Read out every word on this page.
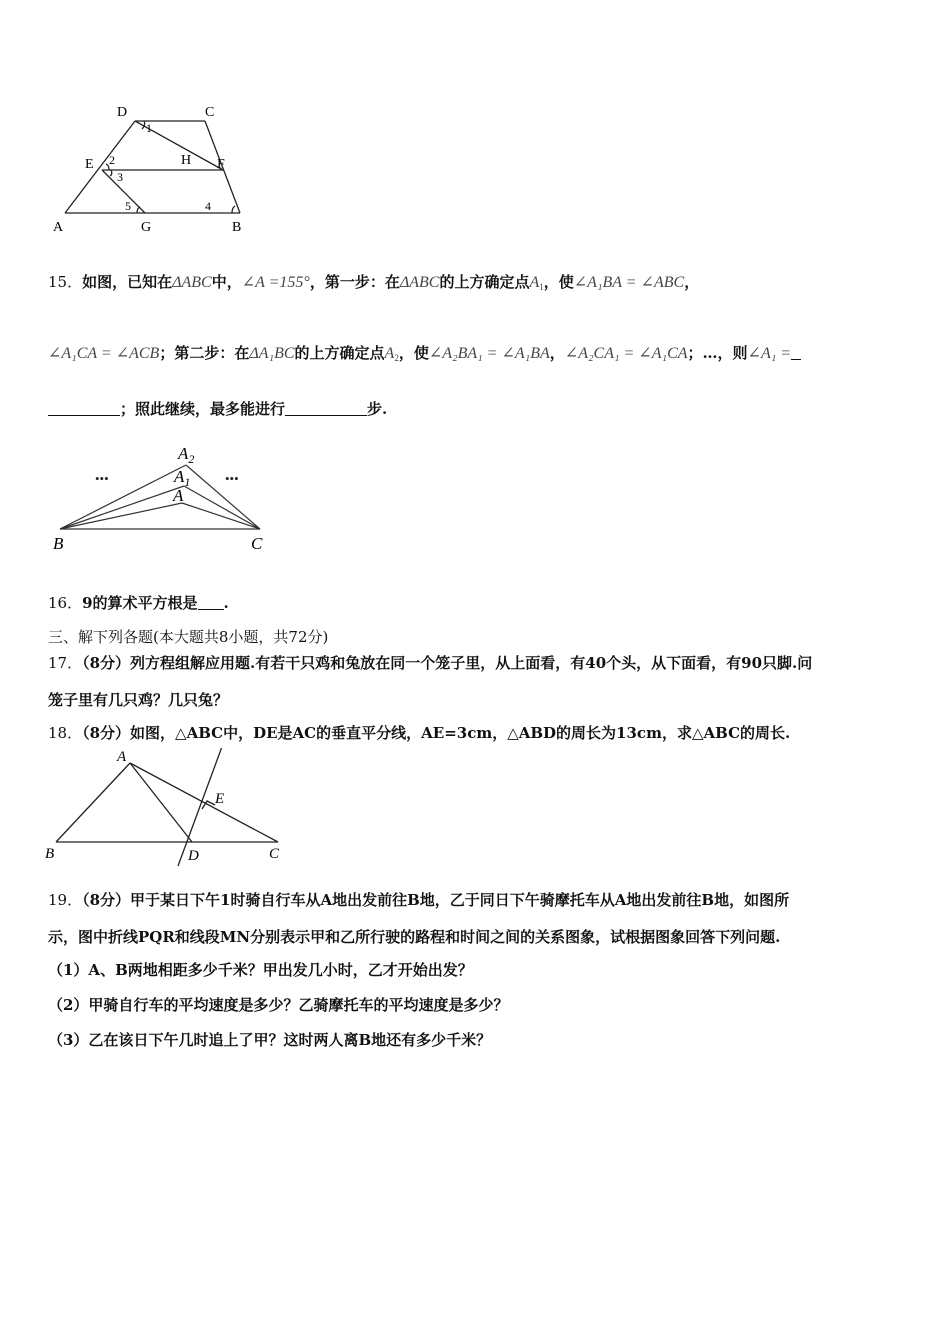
D	C
E	H F
A	G	B
1
2
3
4
5
15．如图，已知在ΔABC中，∠A =155°，第一步：在ΔABC的上方确定点$A_1$，使∠A₁BA = ∠ABC，
∠A₁CA = ∠ACB；第二步：在ΔA₁BC的上方确定点$A_2$，使∠A₂BA₁ = ∠A₁BA，∠A₂CA₁ = ∠A₁CA；…，则∠A₁ =
；照此继续，最多能进行	步.
•••	•••
$A_2$
$A_1$
A
B	C
16．9的算术平方根是 .
三、解下列各题(本大题共8小题，共72分)
17．（8分）列方程组解应用题.有若干只鸡和兔放在同一个笼子里，从上面看，有40个头，从下面看，有90只脚.问
笼子里有几只鸡？几只兔？
18．（8分）如图，△ABC中，DE是AC的垂直平分线，AE=3cm，△ABD的周长为13cm，求△ABC的周长.
A
B	D	C
E
19．（8分）甲于某日下午1时骑自行车从A地出发前往B地，乙于同日下午骑摩托车从A地出发前往B地，如图所
示，图中折线PQR和线段MN分别表示甲和乙所行驶的路程和时间之间的关系图象，试根据图象回答下列问题.
（1）A、B两地相距多少千米？甲出发几小时，乙才开始出发？
（2）甲骑自行车的平均速度是多少？乙骑摩托车的平均速度是多少？
（3）乙在该日下午几时追上了甲？这时两人离B地还有多少千米？
